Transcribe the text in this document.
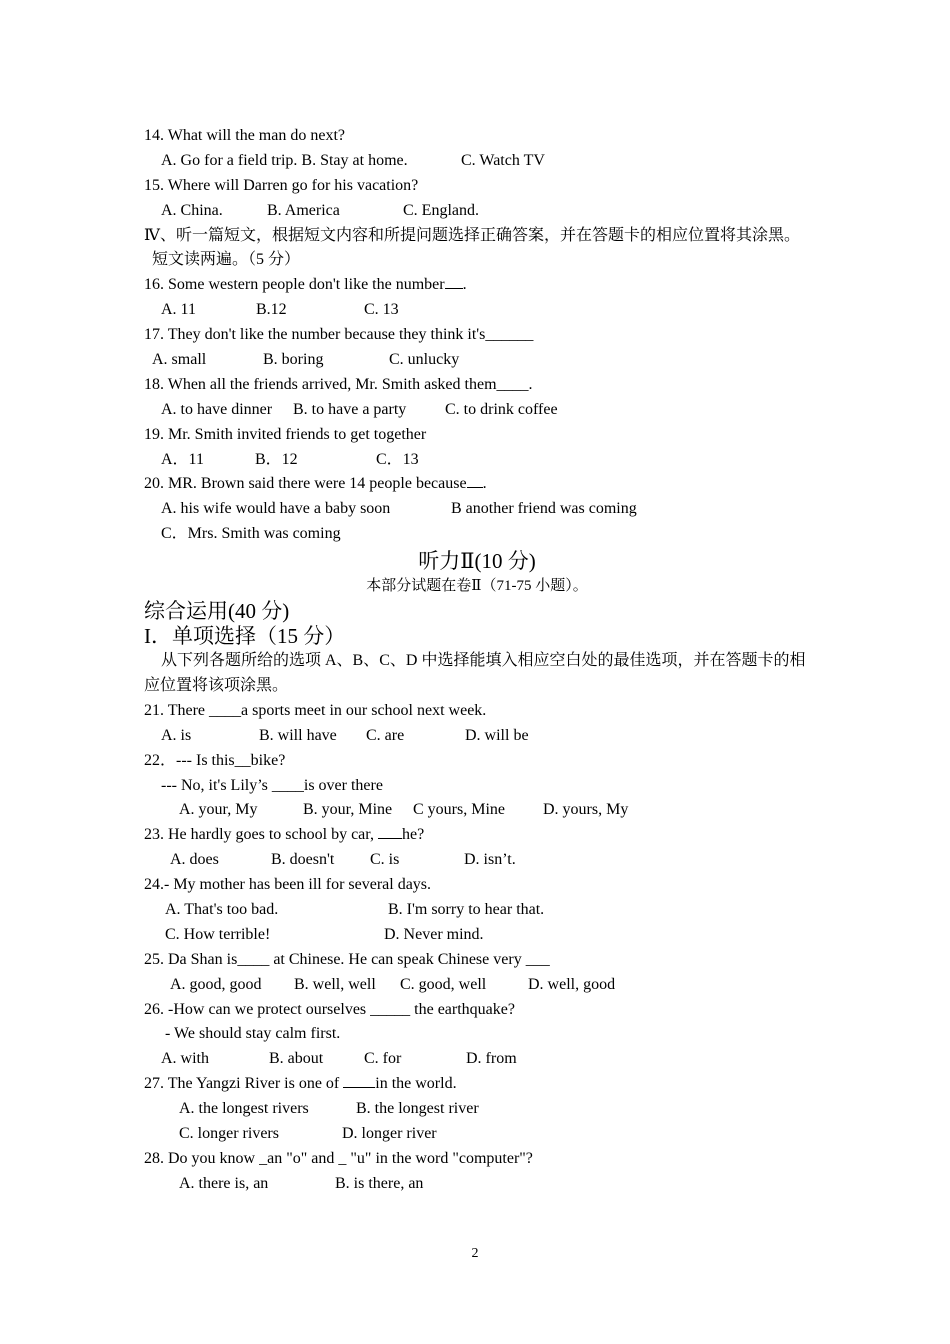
14. What will the man do next?
A. Go for a field trip. B. Stay at home.	C. Watch TV
15. Where will Darren go for his vacation?
A. China.	B. America	C. England.
Ⅳ、听一篇短文，根据短文内容和所提问题选择正确答案，并在答题卡的相应位置将其涂黑。
短文读两遍。（5 分）
16. Some western people don't like the number .
A. 11	B.12	C. 13
17. They don't like the number because they think it's______
A. small	B. boring	C. unlucky
18. When all the friends arrived, Mr. Smith asked them____.
A. to have dinner B. to have a party C. to drink coffee
19. Mr. Smith invited friends to get together
A．11	B．12	C．13
20. MR. Brown said there were 14 people because .
A. his wife would have a baby soon	B another friend was coming
C．Mrs. Smith was coming
听力Ⅱ(10 分)
本部分试题在卷Ⅱ（71-75 小题）。
综合运用(40 分)
I．单项选择（15 分）
从下列各题所给的选项 A、B、C、D 中选择能填入相应空白处的最佳选项，并在答题卡的相应位置将该项涂黑。
21. There ____a sports meet in our school next week.
A. is	B. will have C. are	D. will be
22．--- Is this__bike?
--- No, it's Lily’s ____is over there
A. your, My	B. your, Mine C yours, Mine D. yours, My
23. He hardly goes to school by car, he?
A. does	B. doesn't C. is	D. isn’t.
24.- My mother has been ill for several days.
A. That's too bad.	B. I'm sorry to hear that.
C. How terrible!	D. Never mind.
25. Da Shan is____ at Chinese. He can speak Chinese very ___
A. good, good B. well, well C. good, well	D. well, good
26. -How can we protect ourselves _____ the earthquake?
- We should stay calm first.
A. with	B. about	C. for	D. from
27. The Yangzi River is one of in the world.
A. the longest rivers	B. the longest river
C. longer rivers	D. longer river
28. Do you know _an "o" and _ "u" in the word "computer"?
A. there is, an	B. is there, an
2
